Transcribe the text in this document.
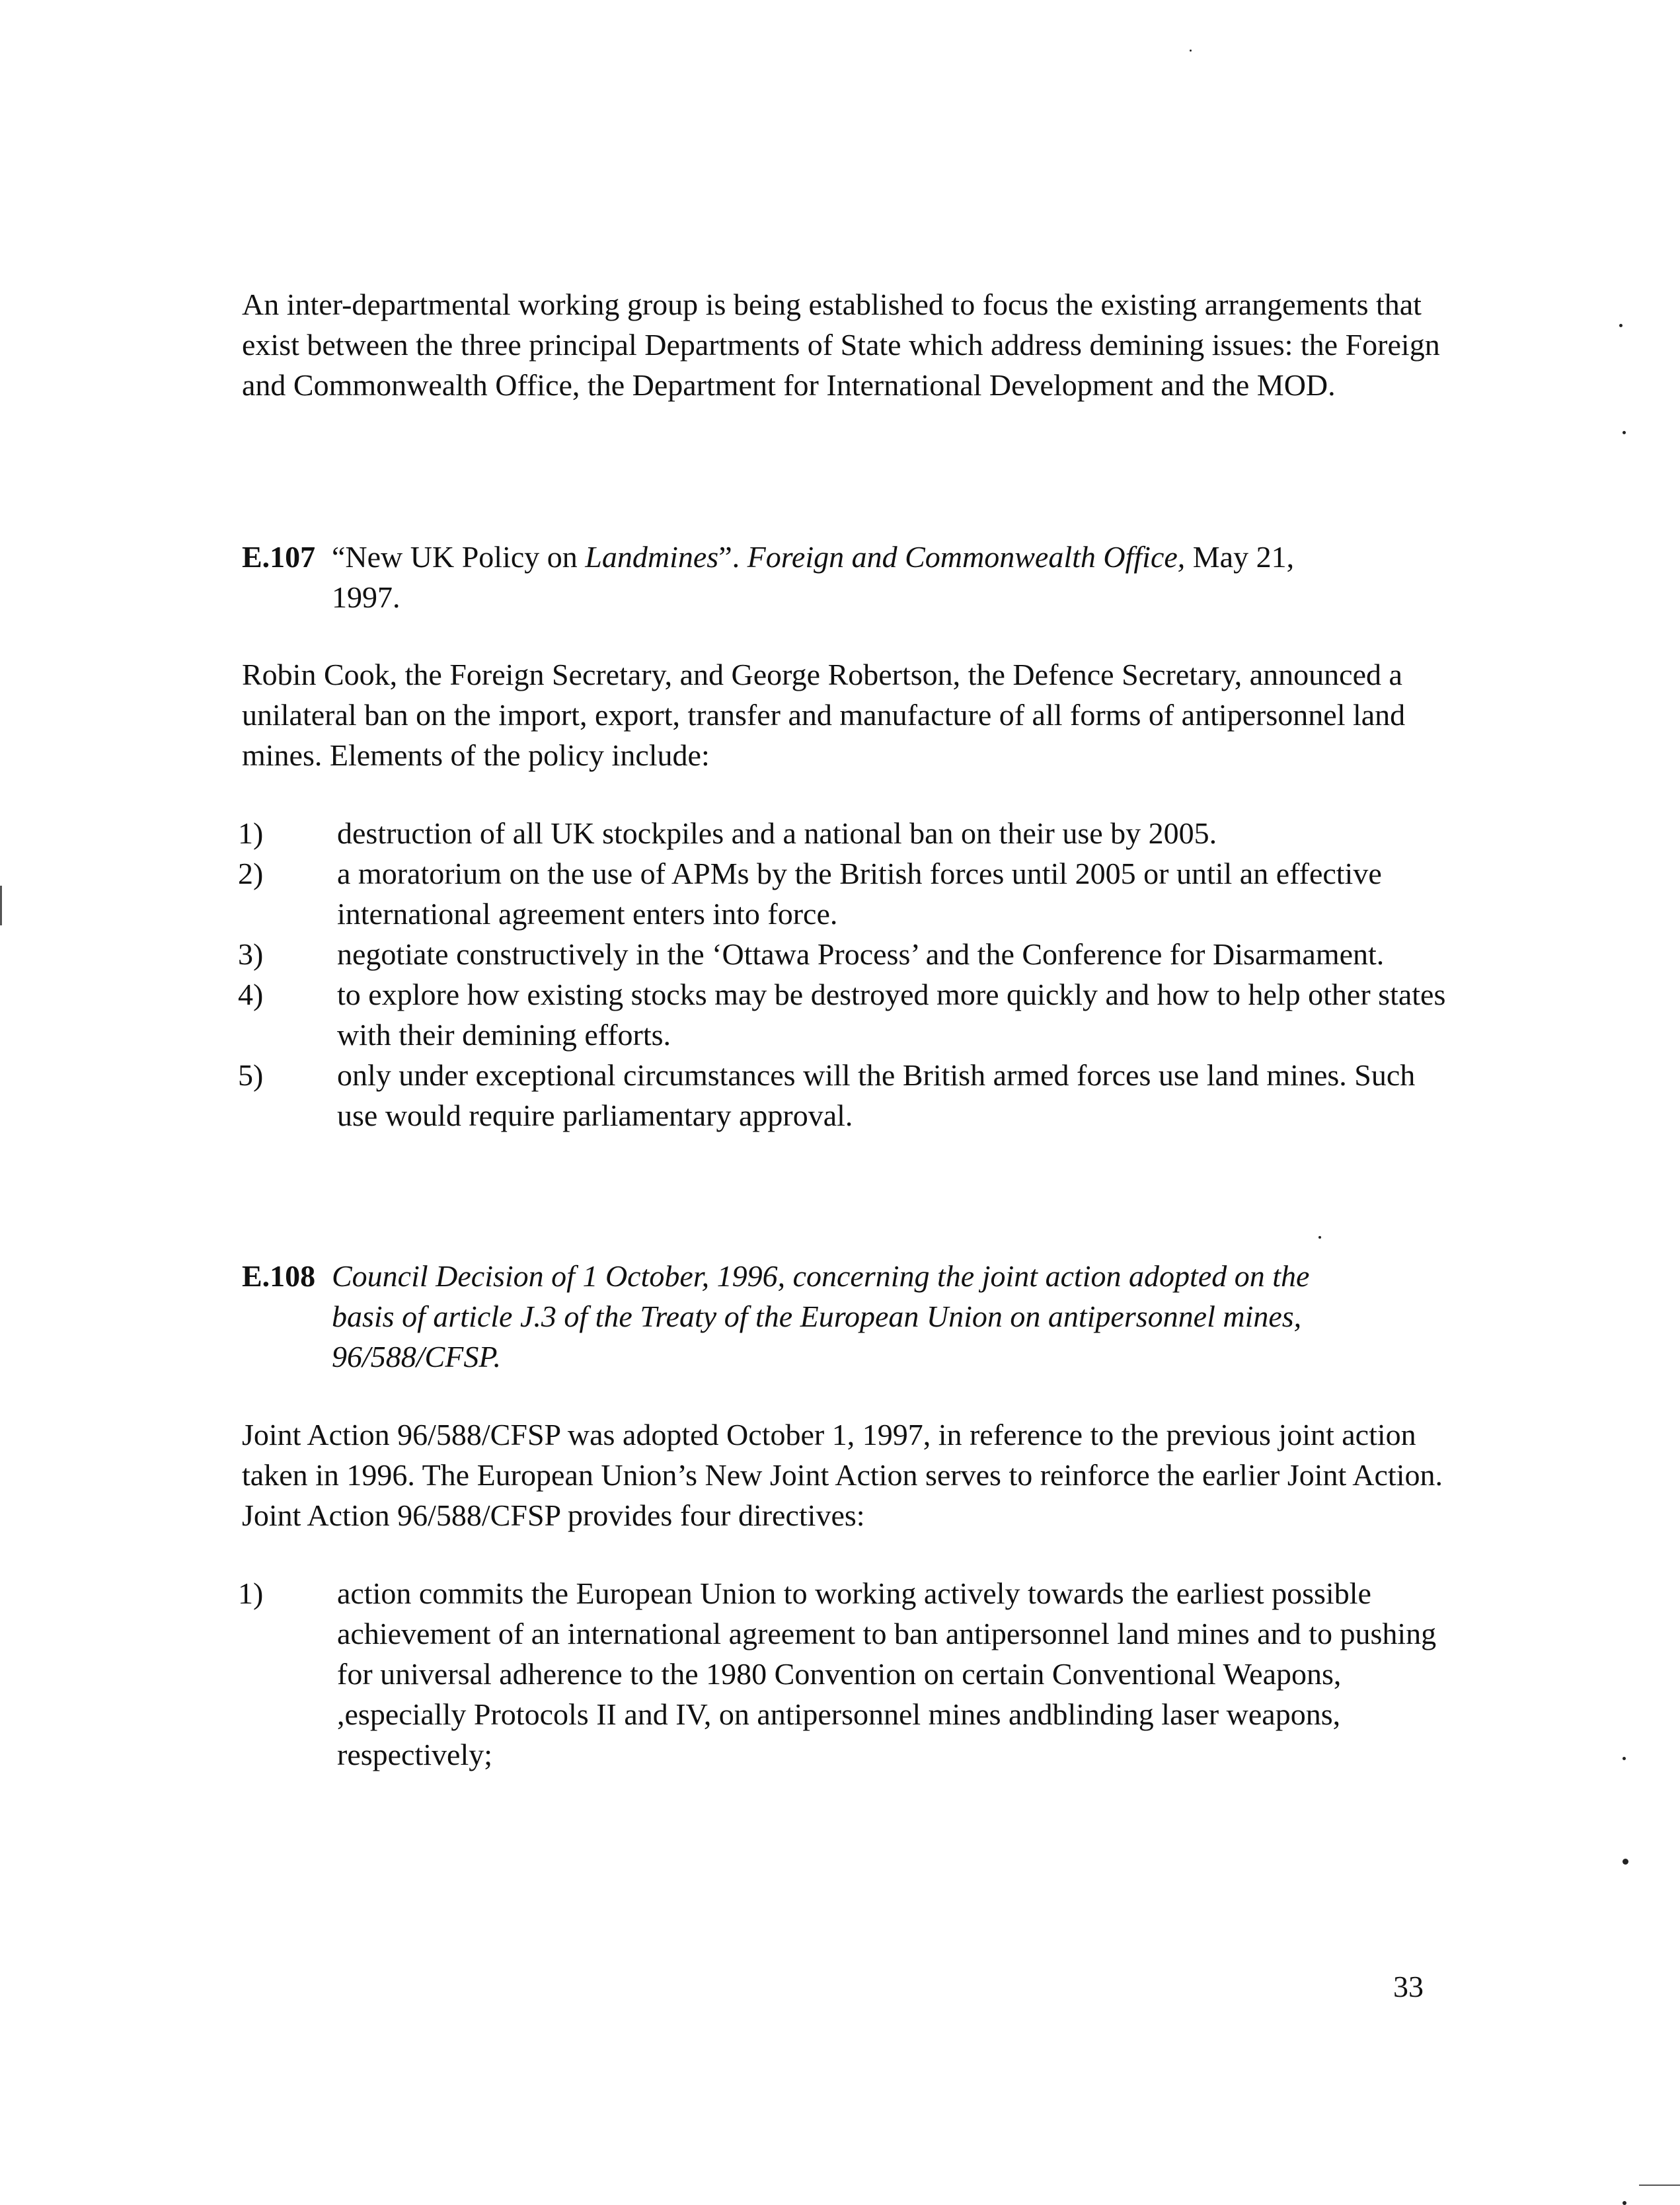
An inter-departmental working group is being established to focus the existing arrangements that exist between the three principal Departments of State which address demining issues: the Foreign and Commonwealth Office, the Department for International Development and the MOD.

E.107 “New UK Policy on Landmines”. Foreign and Commonwealth Office, May 21,
1997.

Robin Cook, the Foreign Secretary, and George Robertson, the Defence Secretary, announced a unilateral ban on the import, export, transfer and manufacture of all forms of antipersonnel land mines. Elements of the policy include:

1) destruction of all UK stockpiles and a national ban on their use by 2005.
2) a moratorium on the use of APMs by the British forces until 2005 or until an effective international agreement enters into force.
3) negotiate constructively in the ‘Ottawa Process’ and the Conference for Disarmament.
4) to explore how existing stocks may be destroyed more quickly and how to help other states with their demining efforts.
5) only under exceptional circumstances will the British armed forces use land mines. Such use would require parliamentary approval.
E.108 Council Decision of 1 October, 1996, concerning the joint action adopted on the
basis of article J.3 of the Treaty of the European Union on antipersonnel mines,
96/588/CFSP.

Joint Action 96/588/CFSP was adopted October 1, 1997, in reference to the previous joint action taken in 1996. The European Union’s New Joint Action serves to reinforce the earlier Joint Action. Joint Action 96/588/CFSP provides four directives:

1) action commits the European Union to working actively towards the earliest possible achievement of an international agreement to ban antipersonnel land mines and to pushing for universal adherence to the 1980 Convention on certain Conventional Weapons, ,especially Protocols II and IV, on antipersonnel mines andblinding laser weapons, respectively;
33
